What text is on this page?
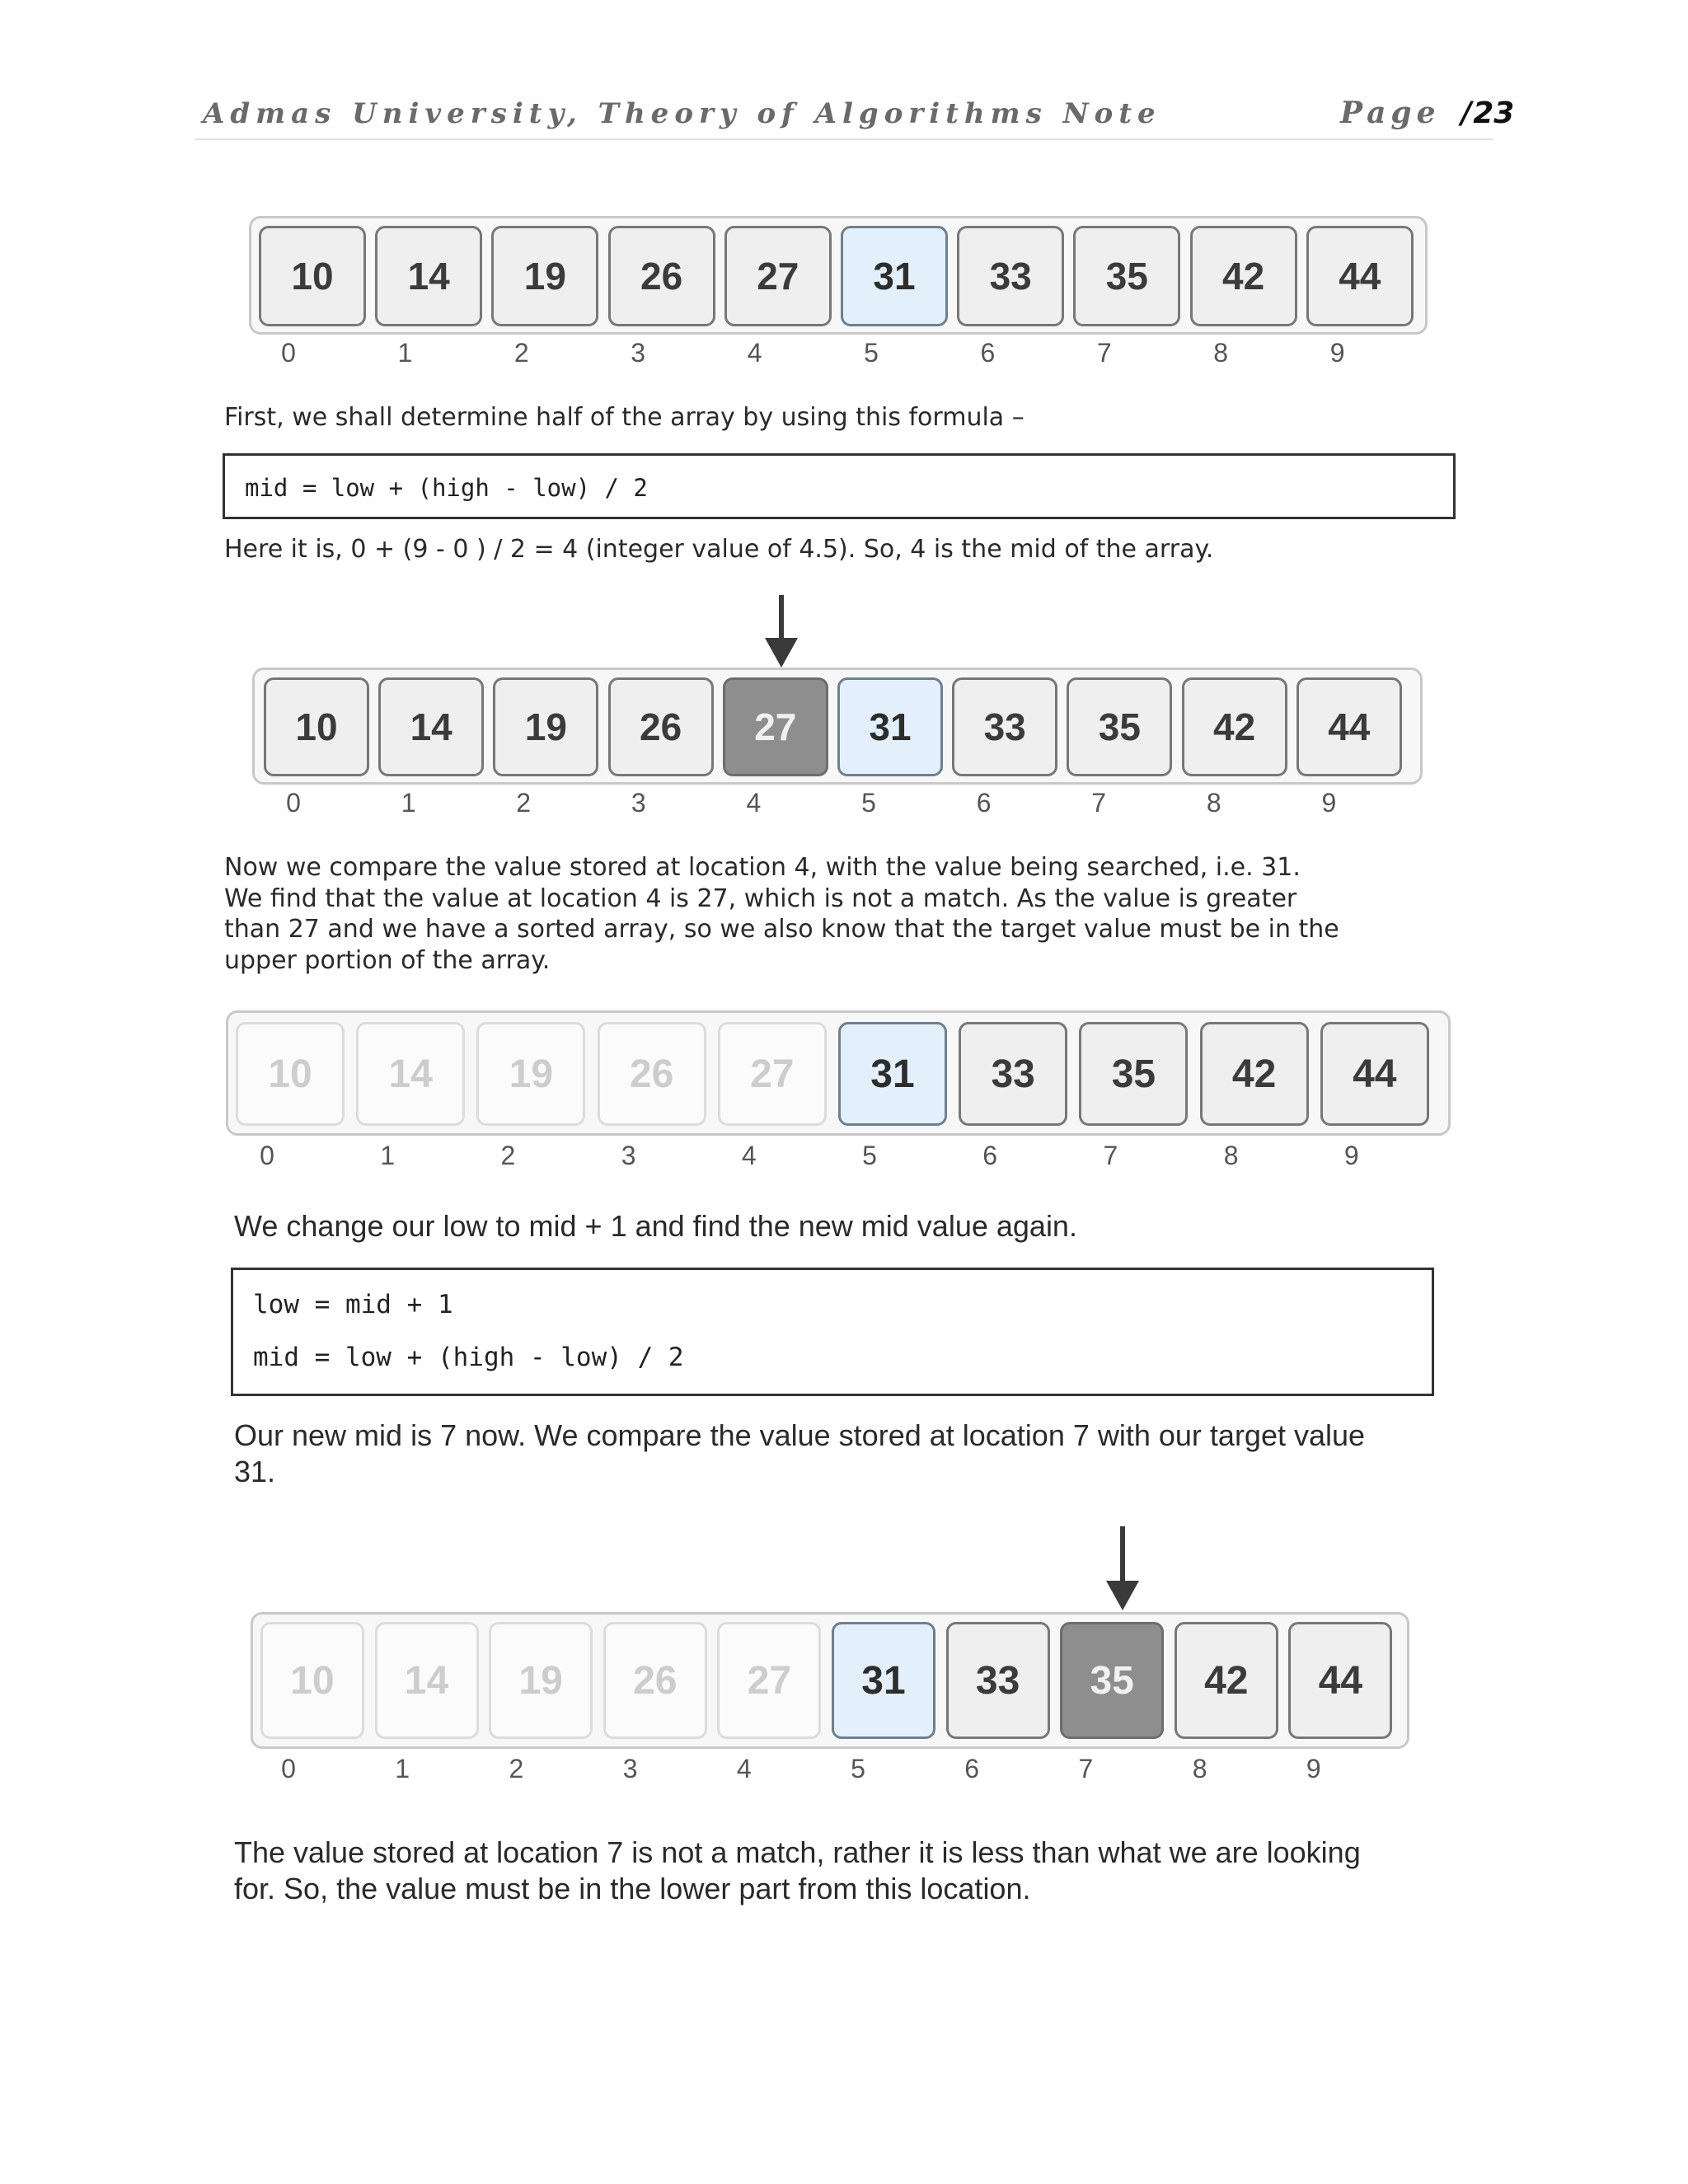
Admas University, Theory of Algorithms Note	Page /23
First, we shall determine half of the array by using this formula –

mid = low + (high - low) / 2

Here it is, 0 + (9 - 0 ) / 2 = 4 (integer value of 4.5). So, 4 is the mid of the array.
Now we compare the value stored at location 4, with the value being searched, i.e. 31.
We find that the value at location 4 is 27, which is not a match. As the value is greater
than 27 and we have a sorted array, so we also know that the target value must be in the
upper portion of the array.
We change our low to mid + 1 and find the new mid value again.

low = mid + 1

mid = low + (high - low) / 2

Our new mid is 7 now. We compare the value stored at location 7 with our target value
31.
The value stored at location 7 is not a match, rather it is less than what we are looking
for. So, the value must be in the lower part from this location.
10
0
14
1
19
2
26
3
27
4
31
5
33
6
35
7
42
8
44
9
10
0
14
1
19
2
26
3
27
4
31
5
33
6
35
7
42
8
44
9
10
0
14
1
19
2
26
3
27
4
31
5
33
6
35
7
42
8
44
9
10
0
14
1
19
2
26
3
27
4
31
5
33
6
35
7
42
8
44
9
